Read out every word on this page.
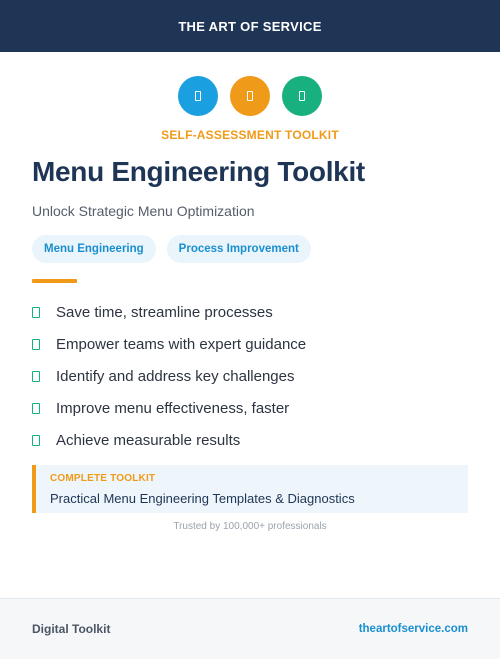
THE ART OF SERVICE
SELF-ASSESSMENT TOOLKIT
Menu Engineering Toolkit

Unlock Strategic Menu Optimization

Menu Engineering	Process Improvement
Save time, streamline processes
Empower teams with expert guidance
Identify and address key challenges
Improve menu effectiveness, faster
Achieve measurable results
COMPLETE TOOLKIT
Practical Menu Engineering Templates & Diagnostics
Trusted by 100,000+ professionals
Digital Toolkit	theartofservice.com
